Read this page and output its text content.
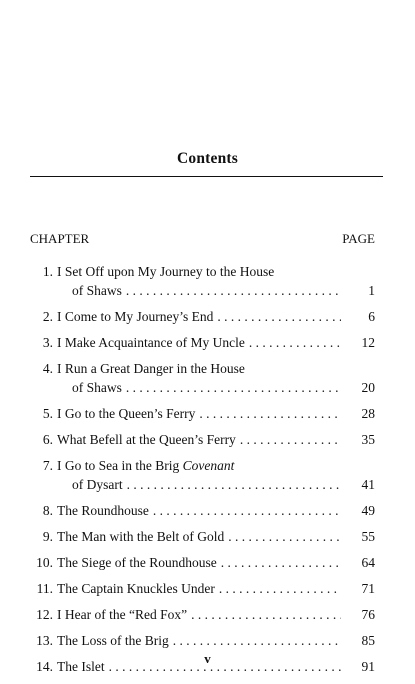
Contents
CHAPTER	PAGE
1. I Set Off upon My Journey to the House
of Shaws . . .	1
2. I Come to My Journey’s End . . .	6
3. I Make Acquaintance of My Uncle . . .	12
4. I Run a Great Danger in the House
of Shaws . . .	20
5. I Go to the Queen’s Ferry . . .	28
6. What Befell at the Queen’s Ferry . . .	35
7. I Go to Sea in the Brig Covenant
of Dysart . . .	41
8. The Roundhouse . . .	49
9. The Man with the Belt of Gold . . .	55
10. The Siege of the Roundhouse . . .	64
11. The Captain Knuckles Under . . .	71
12. I Hear of the “Red Fox” . . .	76
13. The Loss of the Brig . . .	85
14. The Islet . . .	91
v
